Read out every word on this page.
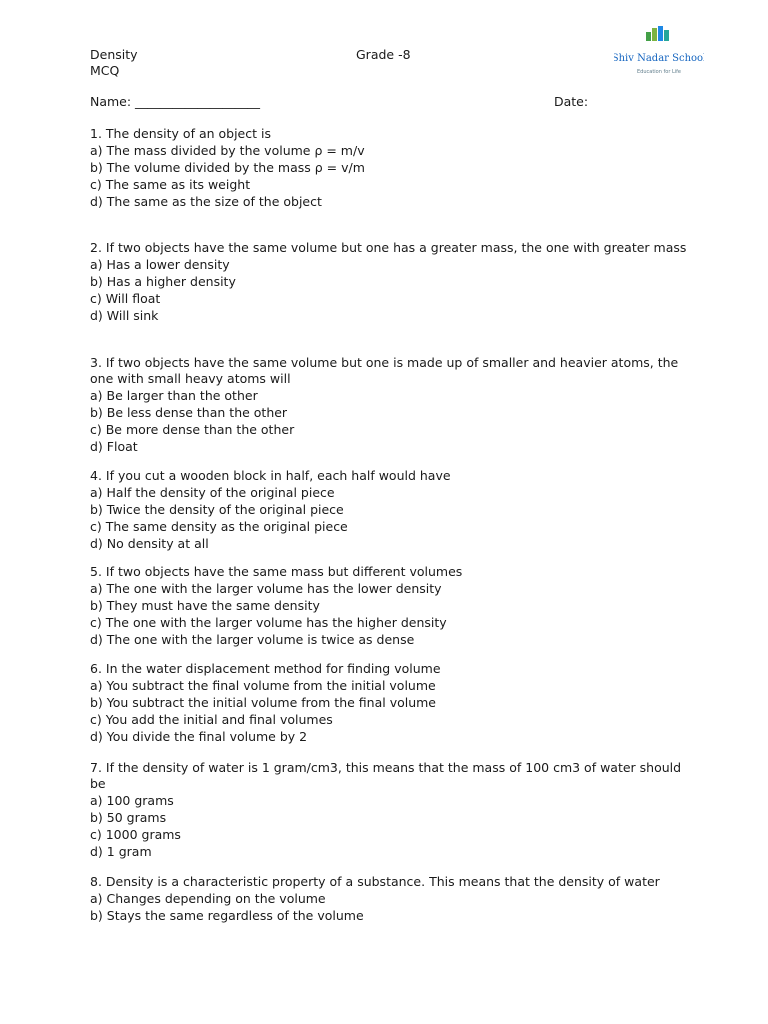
Density
MCQ
Grade -8	Shiv Nadar School
Education for Life
Name: ____________________	Date:
1. The density of an object is
a) The mass divided by the volume ρ = m/v
b) The volume divided by the mass ρ = v/m
c) The same as its weight
d) The same as the size of the object
2. If two objects have the same volume but one has a greater mass, the one with greater mass
a) Has a lower density
b) Has a higher density
c) Will float
d) Will sink
3. If two objects have the same volume but one is made up of smaller and heavier atoms, the one with small heavy atoms will
a) Be larger than the other
b) Be less dense than the other
c) Be more dense than the other
d) Float
4. If you cut a wooden block in half, each half would have
a) Half the density of the original piece
b) Twice the density of the original piece
c) The same density as the original piece
d) No density at all
5. If two objects have the same mass but different volumes
a) The one with the larger volume has the lower density
b) They must have the same density
c) The one with the larger volume has the higher density
d) The one with the larger volume is twice as dense
6. In the water displacement method for finding volume
a) You subtract the final volume from the initial volume
b) You subtract the initial volume from the final volume
c) You add the initial and final volumes
d) You divide the final volume by 2
7. If the density of water is 1 gram/cm3, this means that the mass of 100 cm3 of water should be
a) 100 grams
b) 50 grams
c) 1000 grams
d) 1 gram
8. Density is a characteristic property of a substance. This means that the density of water
a) Changes depending on the volume
b) Stays the same regardless of the volume
